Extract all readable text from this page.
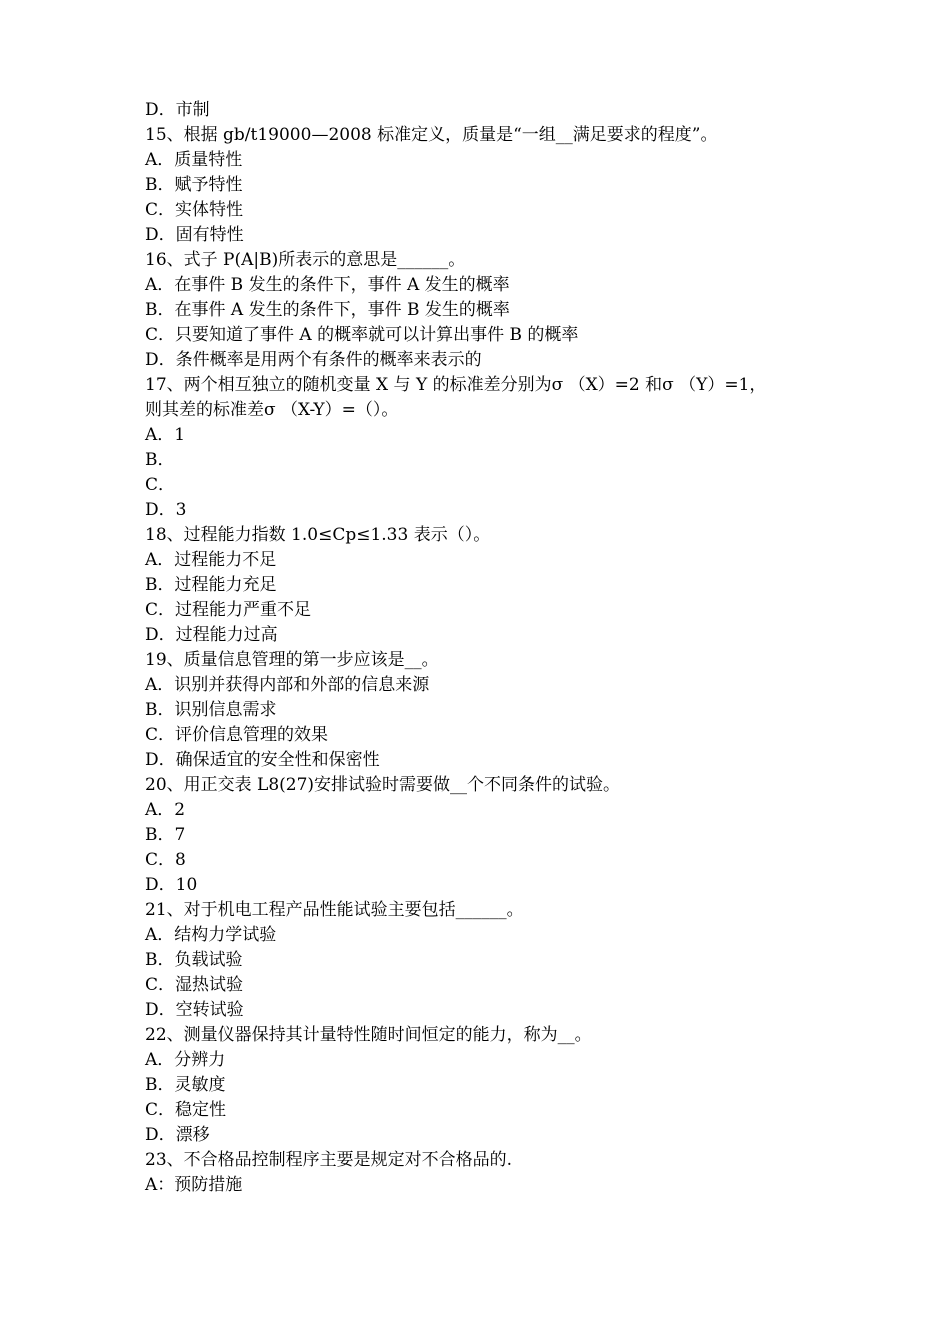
D．市制
15、根据 gb/t19000—2008 标准定义，质量是“一组__满足要求的程度”。
A．质量特性
B．赋予特性
C．实体特性
D．固有特性
16、式子 P(A|B)所表示的意思是______。
A．在事件 B 发生的条件下，事件 A 发生的概率
B．在事件 A 发生的条件下，事件 B 发生的概率
C．只要知道了事件 A 的概率就可以计算出事件 B 的概率
D．条件概率是用两个有条件的概率来表示的
17、两个相互独立的随机变量 X 与 Y 的标准差分别为σ （X）=2 和σ （Y）=1，
则其差的标准差σ （X-Y）=（）。
A．1
B．
C．
D．3
18、过程能力指数 1.0≤Cp≤1.33 表示（）。
A．过程能力不足
B．过程能力充足
C．过程能力严重不足
D．过程能力过高
19、质量信息管理的第一步应该是__。
A．识别并获得内部和外部的信息来源
B．识别信息需求
C．评价信息管理的效果
D．确保适宜的安全性和保密性
20、用正交表 L8(27)安排试验时需要做__个不同条件的试验。
A．2
B．7
C．8
D．10
21、对于机电工程产品性能试验主要包括______。
A．结构力学试验
B．负载试验
C．湿热试验
D．空转试验
22、测量仪器保持其计量特性随时间恒定的能力，称为__。
A．分辨力
B．灵敏度
C．稳定性
D．漂移
23、不合格品控制程序主要是规定对不合格品的.
A：预防措施
